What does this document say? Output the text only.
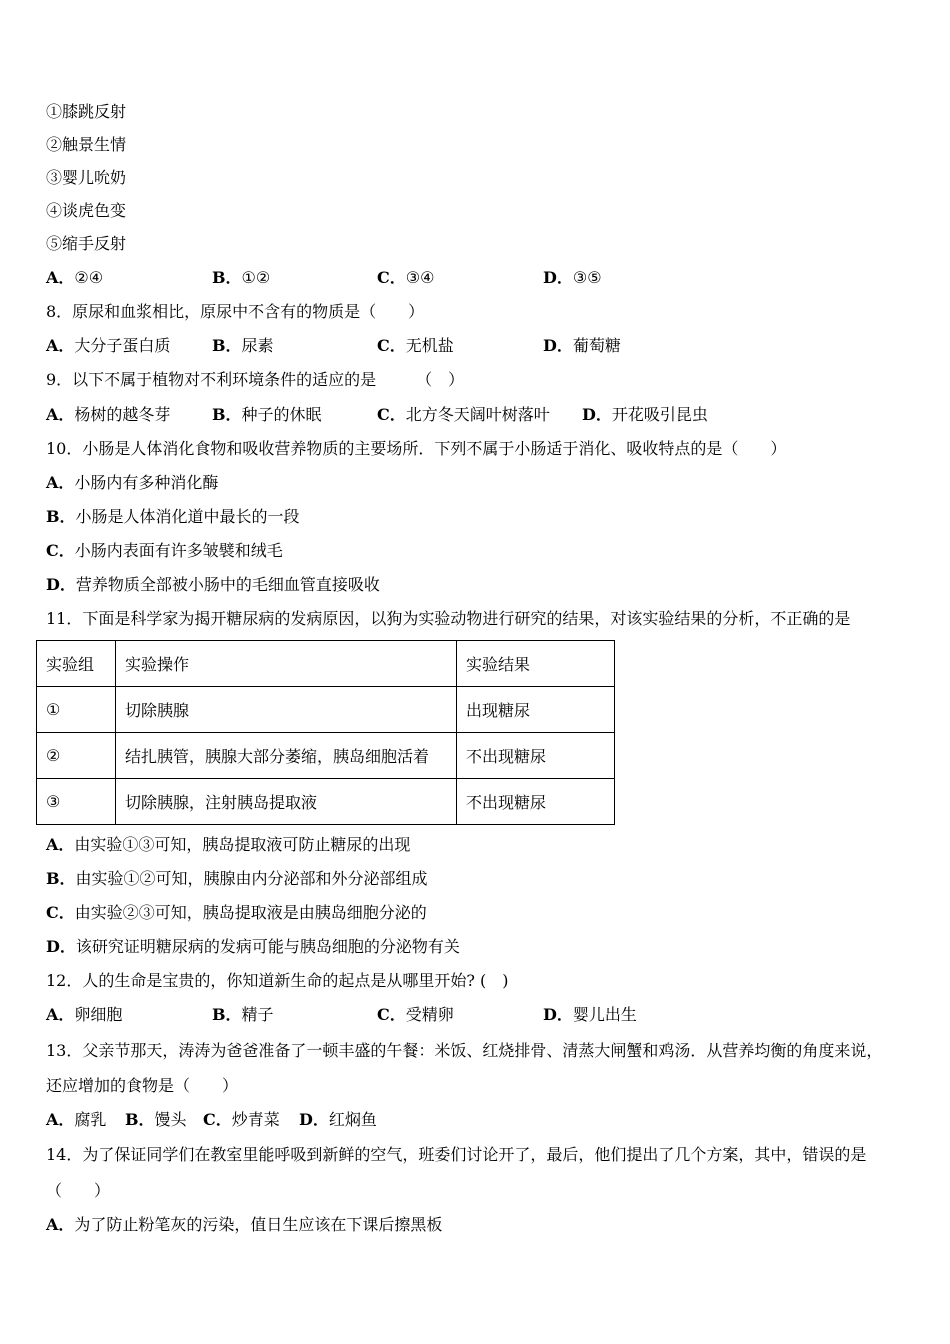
①膝跳反射
②触景生情
③婴儿吮奶
④谈虎色变
⑤缩手反射
A．②④	B．①②	C．③④	D．③⑤
8．原尿和血浆相比，原尿中不含有的物质是（　　）
A．大分子蛋白质	B．尿素	C．无机盐	D．葡萄糖
9．以下不属于植物对不利环境条件的适应的是　　　（　）
A．杨树的越冬芽	B．种子的休眠	C．北方冬天阔叶树落叶 D．开花吸引昆虫
10．小肠是人体消化食物和吸收营养物质的主要场所．下列不属于小肠适于消化、吸收特点的是（　　）
A．小肠内有多种消化酶
B．小肠是人体消化道中最长的一段
C．小肠内表面有许多皱襞和绒毛
D．营养物质全部被小肠中的毛细血管直接吸收
11．下面是科学家为揭开糖尿病的发病原因，以狗为实验动物进行研究的结果，对该实验结果的分析，不正确的是
实验组	实验操作	实验结果
①	切除胰腺	出现糖尿
②	结扎胰管，胰腺大部分萎缩，胰岛细胞活着	不出现糖尿
③	切除胰腺，注射胰岛提取液	不出现糖尿
A．由实验①③可知，胰岛提取液可防止糖尿的出现
B．由实验①②可知，胰腺由内分泌部和外分泌部组成
C．由实验②③可知，胰岛提取液是由胰岛细胞分泌的
D．该研究证明糖尿病的发病可能与胰岛细胞的分泌物有关
12．人的生命是宝贵的，你知道新生命的起点是从哪里开始? (　)
A．卵细胞	B．精子	C．受精卵	D．婴儿出生
13．父亲节那天，涛涛为爸爸准备了一顿丰盛的午餐：米饭、红烧排骨、清蒸大闸蟹和鸡汤．从营养均衡的角度来说，
还应增加的食物是（　　）
A．腐乳 B．馒头 C．炒青菜 D．红焖鱼
14．为了保证同学们在教室里能呼吸到新鲜的空气，班委们讨论开了，最后，他们提出了几个方案，其中，错误的是
（　　）
A．为了防止粉笔灰的污染，值日生应该在下课后擦黑板
